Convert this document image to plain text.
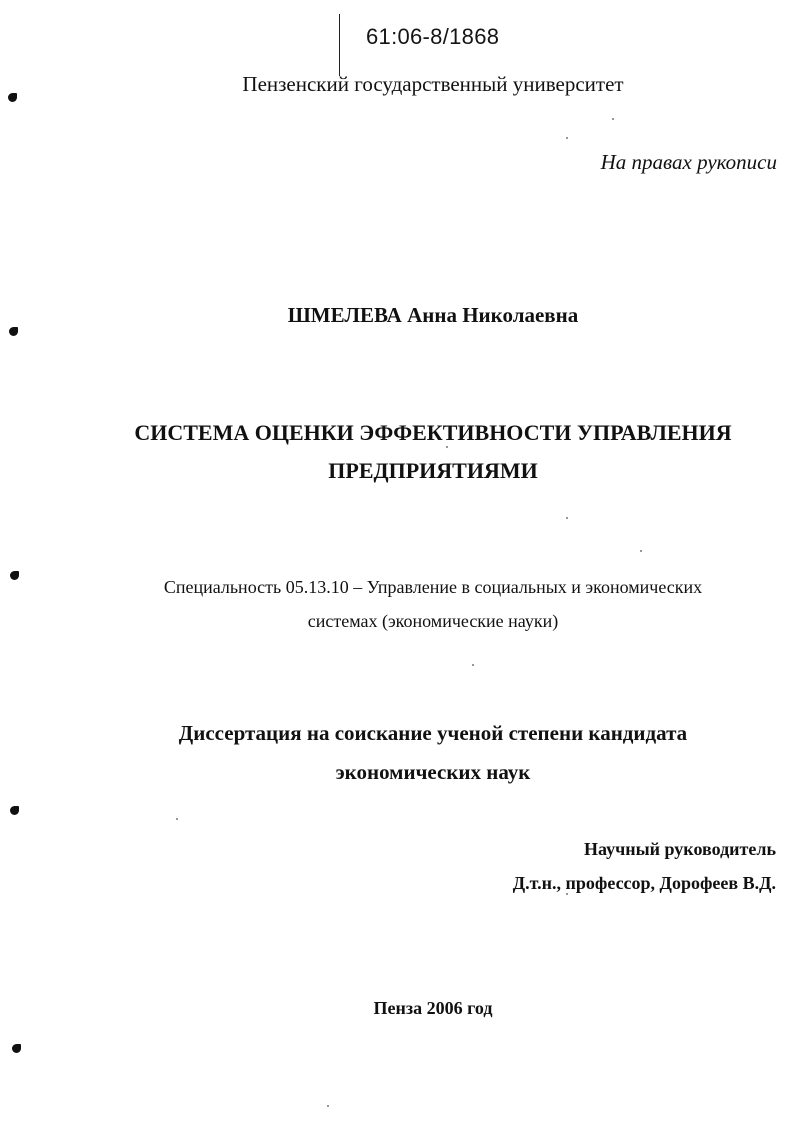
61:06-8/1868
Пензенский государственный университет
На правах рукописи
ШМЕЛЕВА Анна Николаевна
СИСТЕМА ОЦЕНКИ ЭФФЕКТИВНОСТИ УПРАВЛЕНИЯ
ПРЕДПРИЯТИЯМИ
Специальность 05.13.10 – Управление в социальных и экономических
системах (экономические науки)
Диссертация на соискание ученой степени кандидата
экономических наук
Научный руководитель
Д.т.н., профессор, Дорофеев В.Д.
Пенза 2006 год
